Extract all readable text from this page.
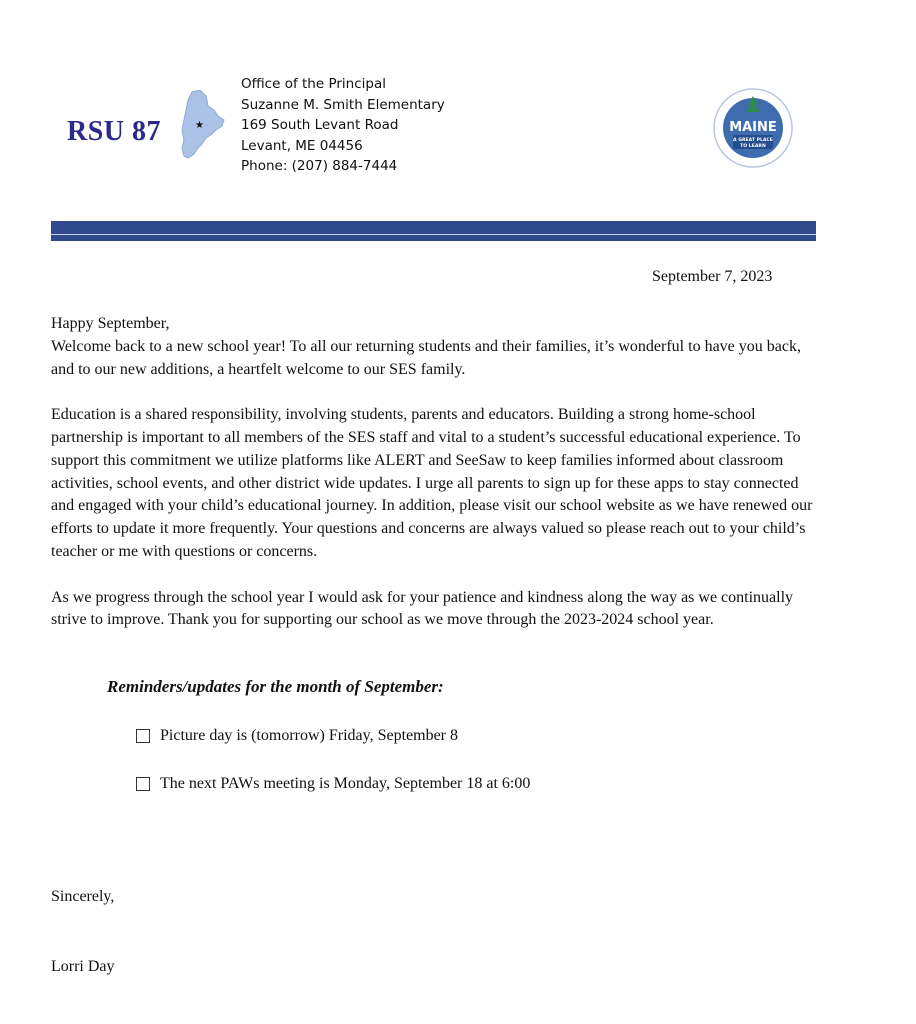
RSU 87	★
Office of the Principal
Suzanne M. Smith Elementary
169 South Levant Road
Levant, ME 04456
Phone: (207) 884-7444
MAINE
A GREAT PLACE
TO LEARN
September 7, 2023

Happy September,

Welcome back to a new school year! To all our returning students and their families, it’s wonderful to have you back, and to our new additions, a heartfelt welcome to our SES family.

Education is a shared responsibility, involving students, parents and educators. Building a strong home-school partnership is important to all members of the SES staff and vital to a student’s successful educational experience. To support this commitment we utilize platforms like ALERT and SeeSaw to keep families informed about classroom activities, school events, and other district wide updates. I urge all parents to sign up for these apps to stay connected and engaged with your child’s educational journey. In addition, please visit our school website as we have renewed our efforts to update it more frequently. Your questions and concerns are always valued so please reach out to your child’s teacher or me with questions or concerns.

As we progress through the school year I would ask for your patience and kindness along the way as we continually strive to improve. Thank you for supporting our school as we move through the 2023-2024 school year.

Reminders/updates for the month of September:
Picture day is (tomorrow) Friday, September 8
The next PAWs meeting is Monday, September 18 at 6:00
Sincerely,
Lorri Day
